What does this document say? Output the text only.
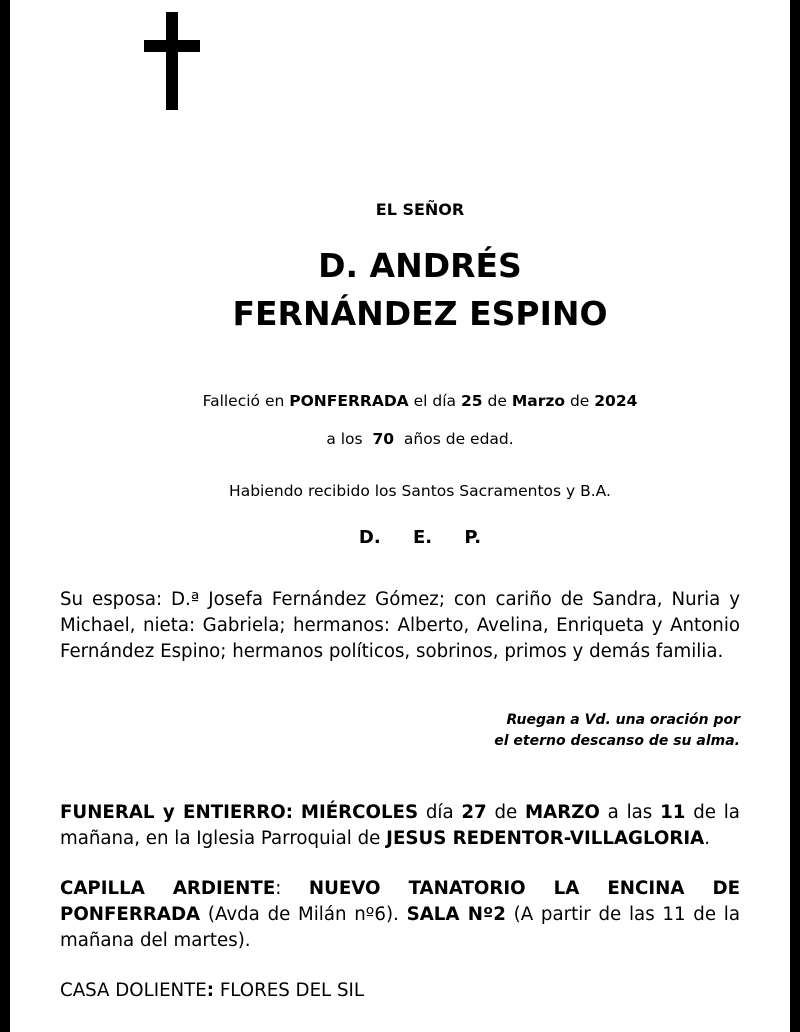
EL SEÑOR
D. ANDRÉS
FERNÁNDEZ ESPINO
Falleció en PONFERRADA el día 25 de Marzo de 2024
a los 70 años de edad.
Habiendo recibido los Santos Sacramentos y B.A.
D. E. P.
Su esposa: D.ª Josefa Fernández Gómez; con cariño de Sandra, Nuria y Michael, nieta: Gabriela; hermanos: Alberto, Avelina, Enriqueta y Antonio Fernández Espino; hermanos políticos, sobrinos, primos y demás familia.
Ruegan a Vd. una oración por
el eterno descanso de su alma.
FUNERAL y ENTIERRO: MIÉRCOLES día 27 de MARZO a las 11 de la mañana, en la Iglesia Parroquial de JESUS REDENTOR-VILLAGLORIA.
CAPILLA ARDIENTE: NUEVO TANATORIO LA ENCINA DE PONFERRADA (Avda de Milán nº6). SALA Nº2 (A partir de las 11 de la mañana del martes).
CASA DOLIENTE: FLORES DEL SIL
